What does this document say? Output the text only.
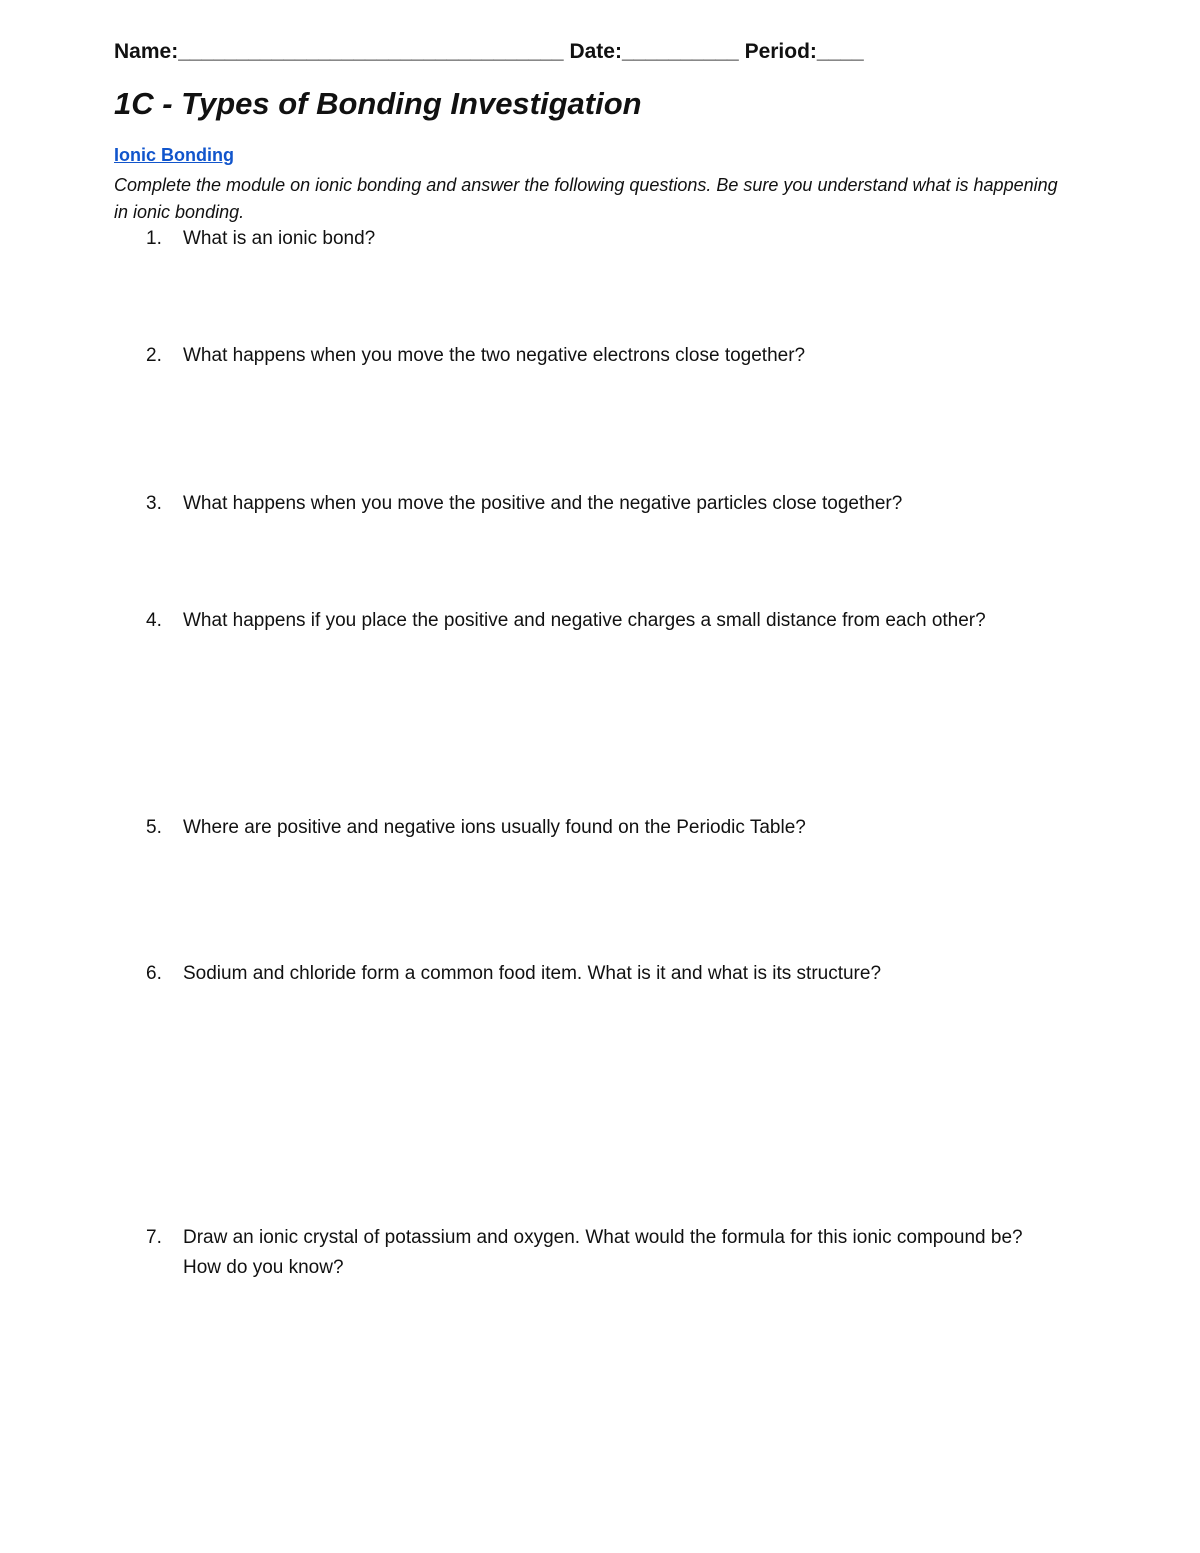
Name:_________________________________ Date:__________ Period:____
1C - Types of Bonding Investigation
Ionic Bonding
Complete the module on ionic bonding and answer the following questions. Be sure you understand what is happening in ionic bonding.
1.	What is an ionic bond?
2.	What happens when you move the two negative electrons close together?
3.	What happens when you move the positive and the negative particles close together?
4.	What happens if you place the positive and negative charges a small distance from each other?
5.	Where are positive and negative ions usually found on the Periodic Table?
6.	Sodium and chloride form a common food item. What is it and what is its structure?
7.	Draw an ionic crystal of potassium and oxygen. What would the formula for this ionic compound be? How do you know?
